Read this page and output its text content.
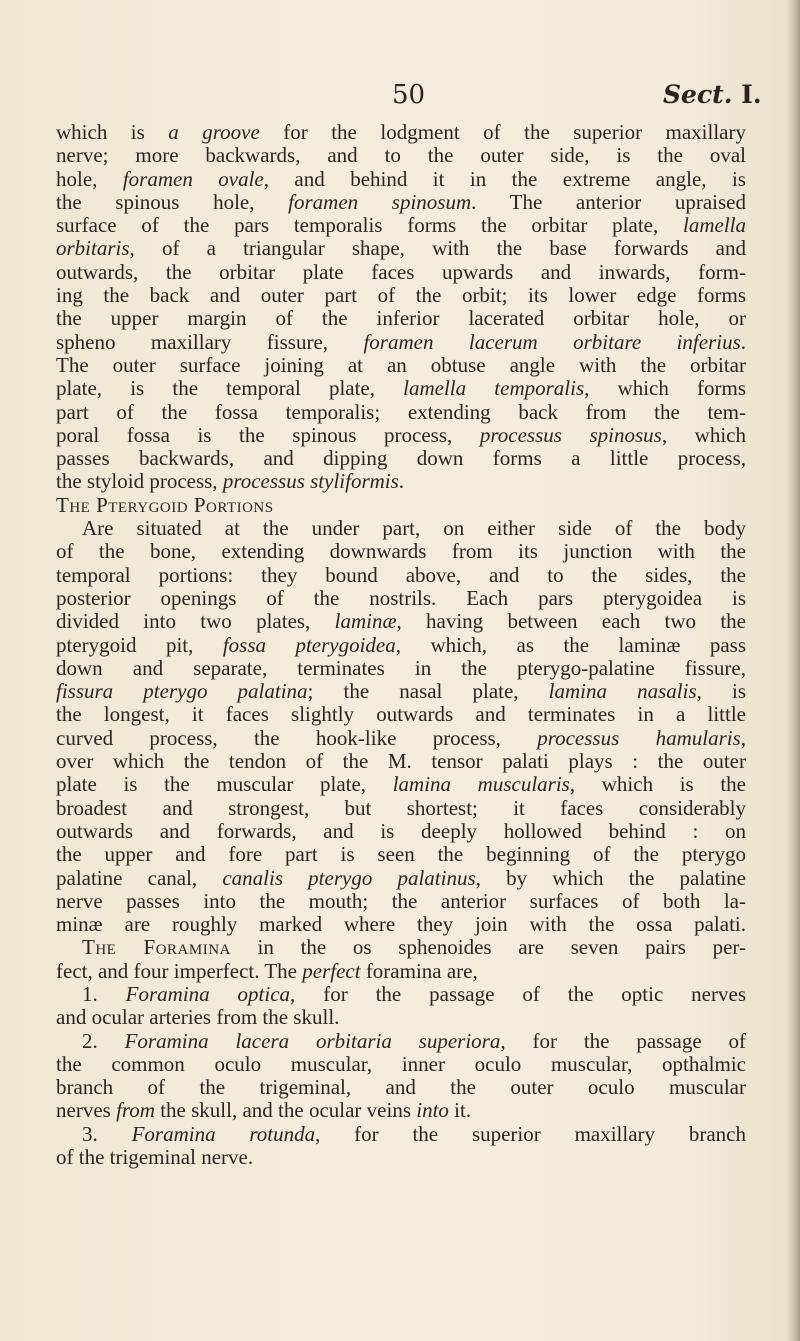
50	Sect. I.
which is a groove for the lodgment of the superior maxillary
nerve; more backwards, and to the outer side, is the oval
hole, foramen ovale, and behind it in the extreme angle, is
the spinous hole, foramen spinosum. The anterior upraised
surface of the pars temporalis forms the orbitar plate, lamella
orbitaris, of a triangular shape, with the base forwards and
outwards, the orbitar plate faces upwards and inwards, form-
ing the back and outer part of the orbit; its lower edge forms
the upper margin of the inferior lacerated orbitar hole, or
spheno maxillary fissure, foramen lacerum orbitare inferius.
The outer surface joining at an obtuse angle with the orbitar
plate, is the temporal plate, lamella temporalis, which forms
part of the fossa temporalis; extending back from the tem-
poral fossa is the spinous process, processus spinosus, which
passes backwards, and dipping down forms a little process,
the styloid process, processus styliformis.
The Pterygoid Portions
Are situated at the under part, on either side of the body
of the bone, extending downwards from its junction with the
temporal portions: they bound above, and to the sides, the
posterior openings of the nostrils. Each pars pterygoidea is
divided into two plates, laminæ, having between each two the
pterygoid pit, fossa pterygoidea, which, as the laminæ pass
down and separate, terminates in the pterygo-palatine fissure,
fissura pterygo palatina; the nasal plate, lamina nasalis, is
the longest, it faces slightly outwards and terminates in a little
curved process, the hook-like process, processus hamularis,
over which the tendon of the M. tensor palati plays : the outer
plate is the muscular plate, lamina muscularis, which is the
broadest and strongest, but shortest; it faces considerably
outwards and forwards, and is deeply hollowed behind : on
the upper and fore part is seen the beginning of the pterygo
palatine canal, canalis pterygo palatinus, by which the palatine
nerve passes into the mouth; the anterior surfaces of both la-
minæ are roughly marked where they join with the ossa palati.
The Foramina in the os sphenoides are seven pairs per-
fect, and four imperfect. The perfect foramina are,
1. Foramina optica, for the passage of the optic nerves
and ocular arteries from the skull.
2. Foramina lacera orbitaria superiora, for the passage of
the common oculo muscular, inner oculo muscular, opthalmic
branch of the trigeminal, and the outer oculo muscular
nerves from the skull, and the ocular veins into it.
3. Foramina rotunda, for the superior maxillary branch
of the trigeminal nerve.
